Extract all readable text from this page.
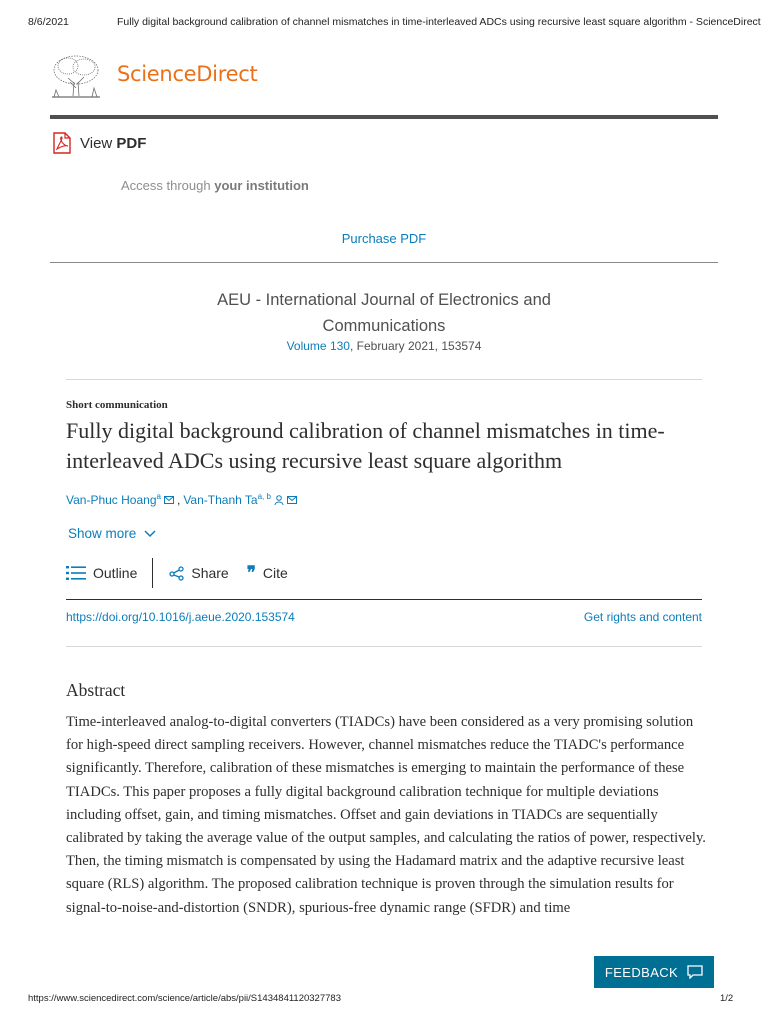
8/6/2021	Fully digital background calibration of channel mismatches in time-interleaved ADCs using recursive least square algorithm - ScienceDirect
ScienceDirect
View PDF
Access through your institution
Purchase PDF
AEU - International Journal of Electronics and Communications
Volume 130, February 2021, 153574
Short communication
Fully digital background calibration of channel mismatches in time-interleaved ADCs using recursive least square algorithm
Van-Phuc Hoang$^a$ , Van-Thanh Ta$^{a, b}$
Show more
Outline	Share ❞ Cite
https://doi.org/10.1016/j.aeue.2020.153574	Get rights and content
Abstract
Time-interleaved analog-to-digital converters (TIADCs) have been considered as a very promising solution for high-speed direct sampling receivers. However, channel mismatches reduce the TIADC's performance significantly. Therefore, calibration of these mismatches is emerging to maintain the performance of these TIADCs. This paper proposes a fully digital background calibration technique for multiple deviations including offset, gain, and timing mismatches. Offset and gain deviations in TIADCs are sequentially calibrated by taking the average value of the output samples, and calculating the ratios of power, respectively. Then, the timing mismatch is compensated by using the Hadamard matrix and the adaptive recursive least square (RLS) algorithm. The proposed calibration technique is proven through the simulation results for signal-to-noise-and-distortion (SNDR), spurious-free dynamic range (SFDR) and time
FEEDBACK
https://www.sciencedirect.com/science/article/abs/pii/S1434841120327783	1/2
